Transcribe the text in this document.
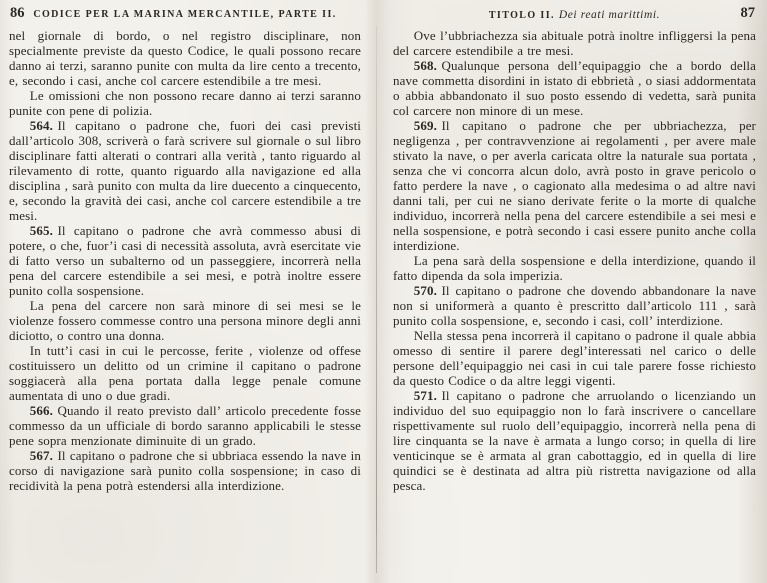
86 CODICE PER LA MARINA MERCANTILE, PARTE II.

nel giornale di bordo, o nel registro disciplinare, non specialmente previste da questo Codice, le quali possono recare danno ai terzi, saranno punite con multa da lire cento a trecento, e, secondo i casi, anche col carcere estendibile a tre mesi.

Le omissioni che non possono recare danno ai terzi saranno punite con pene di polizia.

564. Il capitano o padrone che, fuori dei casi previsti dall’articolo 308, scriverà o farà scrivere sul giornale o sul libro disciplinare fatti alterati o contrari alla verità , tanto riguardo al rilevamento di rotte, quanto riguardo alla navigazione ed alla disciplina , sarà punito con multa da lire duecento a cinquecento, e, secondo la gravità dei casi, anche col carcere estendibile a tre mesi.

565. Il capitano o padrone che avrà commesso abusi di potere, o che, fuor’i casi di necessità assoluta, avrà esercitate vie di fatto verso un subalterno od un passeggiere, incorrerà nella pena del carcere estendibile a sei mesi, e potrà inoltre essere punito colla sospensione.

La pena del carcere non sarà minore di sei mesi se le violenze fossero commesse contro una persona minore degli anni diciotto, o contro una donna.

In tutt’i casi in cui le percosse, ferite , violenze od offese costituissero un delitto od un crimine il capitano o padrone soggiacerà alla pena portata dalla legge penale comune aumentata di uno o due gradi.

566. Quando il reato previsto dall’ articolo precedente fosse commesso da un ufficiale di bordo saranno applicabili le stesse pene sopra menzionate diminuite di un grado.

567. Il capitano o padrone che si ubbriaca essendo la nave in corso di navigazione sarà punito colla sospensione; in caso di recidività la pena potrà estendersi alla interdizione.

TITOLO II. Dei reati marittimi.	87

Ove l’ubbriachezza sia abituale potrà inoltre infliggersi la pena del carcere estendibile a tre mesi.

568. Qualunque persona dell’equipaggio che a bordo della nave commetta disordini in istato di ebbrietà , o siasi addormentata o abbia abbandonato il suo posto essendo di vedetta, sarà punita col carcere non minore di un mese.

569. Il capitano o padrone che per ubbriachezza, per negligenza , per contravvenzione ai regolamenti , per avere male stivato la nave, o per averla caricata oltre la naturale sua portata , senza che vi concorra alcun dolo, avrà posto in grave pericolo o fatto perdere la nave , o cagionato alla medesima o ad altre navi danni tali, per cui ne siano derivate ferite o la morte di qualche individuo, incorrerà nella pena del carcere estendibile a sei mesi e nella sospensione, e potrà secondo i casi essere punito anche colla interdizione.

La pena sarà della sospensione e della interdizione, quando il fatto dipenda da sola imperizia.

570. Il capitano o padrone che dovendo abbandonare la nave non si uniformerà a quanto è prescritto dall’articolo 111 , sarà punito colla sospensione, e, secondo i casi, coll’ interdizione.

Nella stessa pena incorrerà il capitano o padrone il quale abbia omesso di sentire il parere degl’interessati nel carico o delle persone dell’equipaggio nei casi in cui tale parere fosse richiesto da questo Codice o da altre leggi vigenti.

571. Il capitano o padrone che arruolando o licenziando un individuo del suo equipaggio non lo farà inscrivere o cancellare rispettivamente sul ruolo dell’equipaggio, incorrerà nella pena di lire cinquanta se la nave è armata a lungo corso; in quella di lire venticinque se è armata al gran cabottaggio, ed in quella di lire quindici se è destinata ad altra più ristretta navigazione od alla pesca.
